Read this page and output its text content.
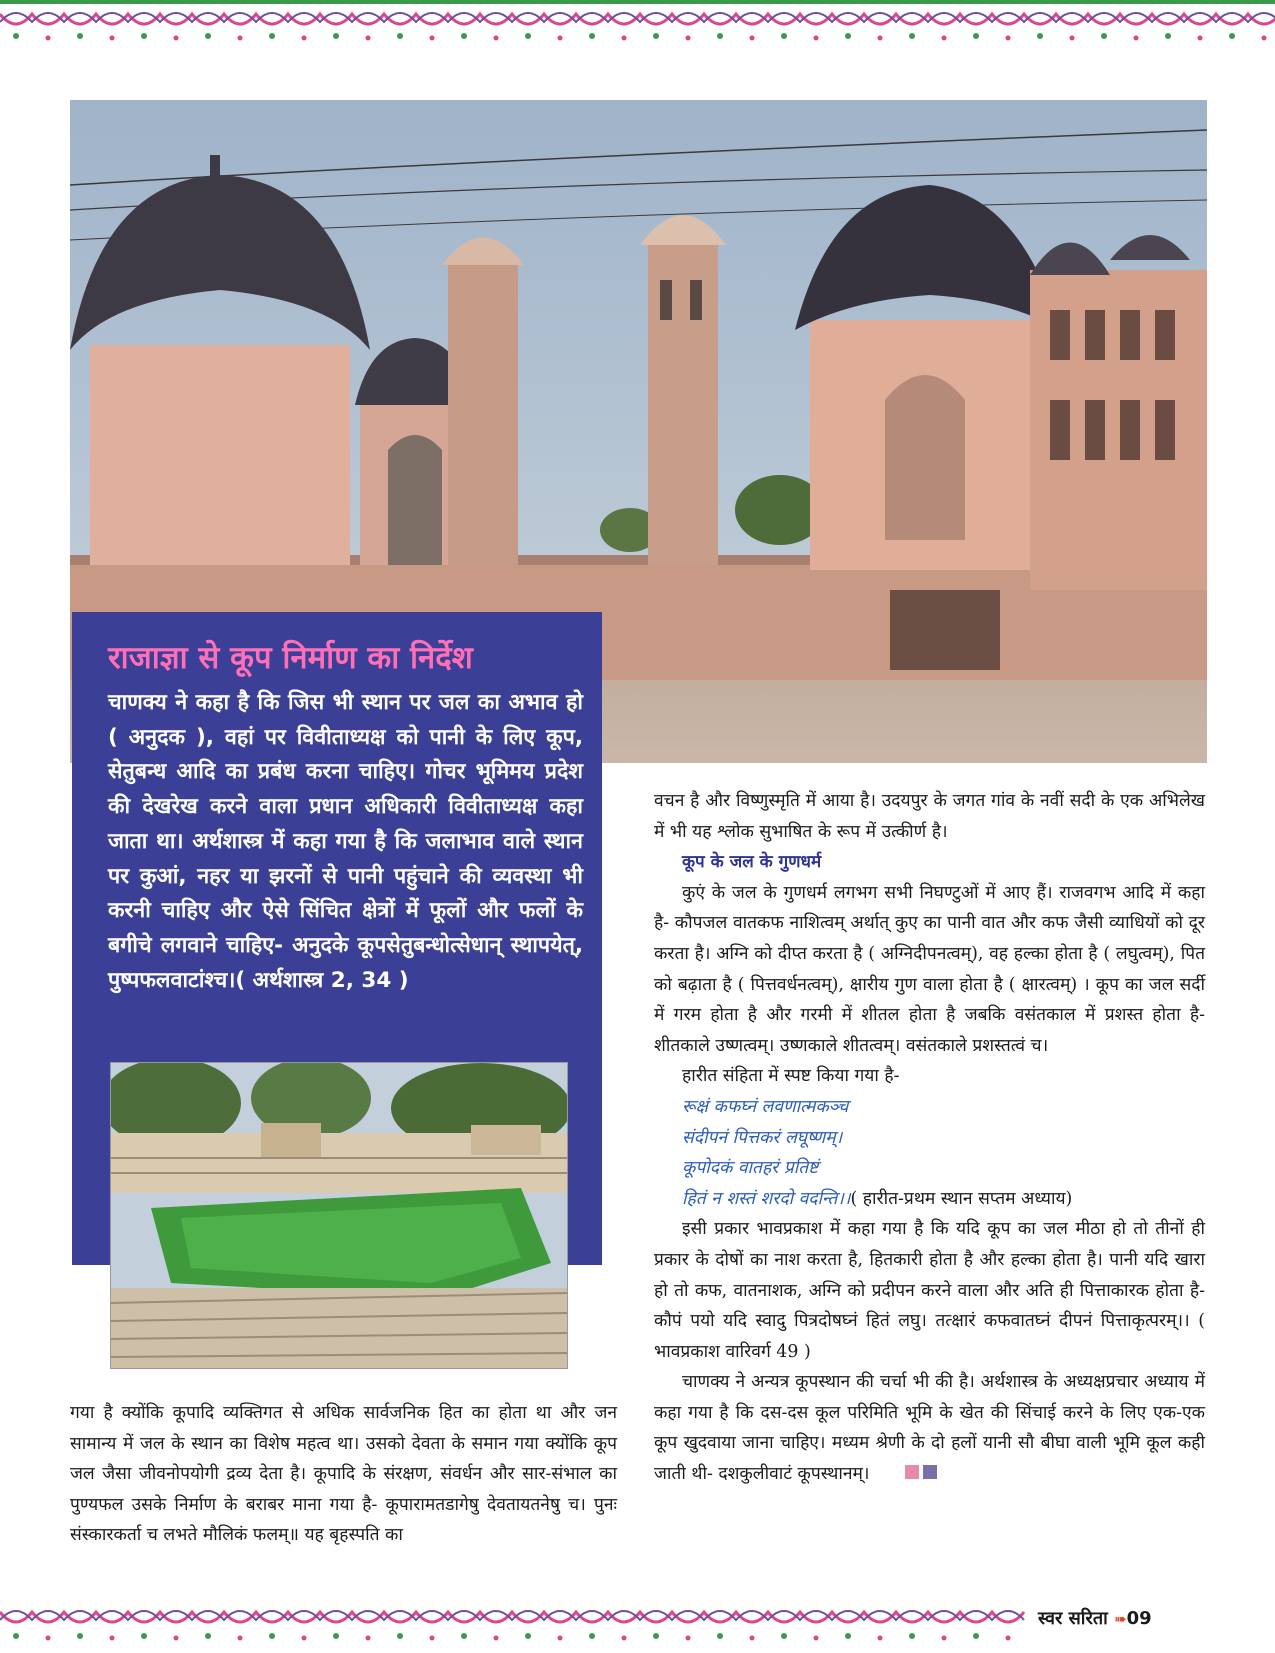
राजाज्ञा से कूप निर्माण का निर्देश

चाणक्य ने कहा है कि जिस भी स्थान पर जल का अभाव हो ( अनुदक ), वहां पर विवीताध्यक्ष को पानी के लिए कूप, सेतुबन्ध आदि का प्रबंध करना चाहिए। गोचर भूमिमय प्रदेश की देखरेख करने वाला प्रधान अधिकारी विवीताध्यक्ष कहा जाता था। अर्थशास्त्र में कहा गया है कि जलाभाव वाले स्थान पर कुआं, नहर या झरनों से पानी पहुंचाने की व्यवस्था भी करनी चाहिए और ऐसे सिंचित क्षेत्रों में फूलों और फलों के बगीचे लगवाने चाहिए- अनुदके कूपसेतुबन्धोत्सेधान् स्थापयेत्, पुष्पफलवाटांश्च।( अर्थशास्त्र 2, 34 )

गया है क्योंकि कूपादि व्यक्तिगत से अधिक सार्वजनिक हित का होता था और जन सामान्य में जल के स्थान का विशेष महत्व था। उसको देवता के समान गया क्योंकि कूप जल जैसा जीवनोपयोगी द्रव्य देता है। कूपादि के संरक्षण, संवर्धन और सार-संभाल का पुण्यफल उसके निर्माण के बराबर माना गया है- कूपारामतडागेषु देवतायतनेषु च। पुनः संस्कारकर्ता च लभते मौलिकं फलम्॥ यह बृहस्पति का

वचन है और विष्णुस्मृति में आया है। उदयपुर के जगत गांव के नवीं सदी के एक अभिलेख में भी यह श्लोक सुभाषित के रूप में उत्कीर्ण है।

कूप के जल के गुणधर्म

कुएं के जल के गुणधर्म लगभग सभी निघण्टुओं में आए हैं। राजवगभ आदि में कहा है- कौपजल वातकफ नाशित्वम् अर्थात् कुए का पानी वात और कफ जैसी व्याधियों को दूर करता है। अग्नि को दीप्त करता है ( अग्निदीपनत्वम्), वह हल्का होता है ( लघुत्वम्), पित को बढ़ाता है ( पित्तवर्धनत्वम्), क्षारीय गुण वाला होता है ( क्षारत्वम्) । कूप का जल सर्दी में गरम होता है और गरमी में शीतल होता है जबकि वसंतकाल में प्रशस्त होता है- शीतकाले उष्णत्वम्। उष्णकाले शीतत्वम्। वसंतकाले प्रशस्तत्वं च।

हारीत संहिता में स्पष्ट किया गया है-

रूक्षं कफघ्नं लवणात्मकञ्च

संदीपनं पित्तकरं लघूष्णम्।

कूपोदकं वातहरं प्रतिष्टं

हितं न शस्तं शरदो वदन्ति।।( हारीत-प्रथम स्थान सप्तम अध्याय)

इसी प्रकार भावप्रकाश में कहा गया है कि यदि कूप का जल मीठा हो तो तीनों ही प्रकार के दोषों का नाश करता है, हितकारी होता है और हल्का होता है। पानी यदि खारा हो तो कफ, वातनाशक, अग्नि को प्रदीपन करने वाला और अति ही पित्ताकारक होता है- कौपं पयो यदि स्वादु पित्रदोषघ्नं हितं लघु। तत्क्षारं कफवातघ्नं दीपनं पित्ताकृत्परम्।। ( भावप्रकाश वारिवर्ग 49 )

चाणक्य ने अन्यत्र कूपस्थान की चर्चा भी की है। अर्थशास्त्र के अध्यक्षप्रचार अध्याय में कहा गया है कि दस-दस कूल परिमिति भूमि के खेत की सिंचाई करने के लिए एक-एक कूप खुदवाया जाना चाहिए। मध्यम श्रेणी के दो हलों यानी सौ बीघा वाली भूमि कूल कही जाती थी- दशकुलीवाटं कूपस्थानम्।

स्वर सरिता ➠09
